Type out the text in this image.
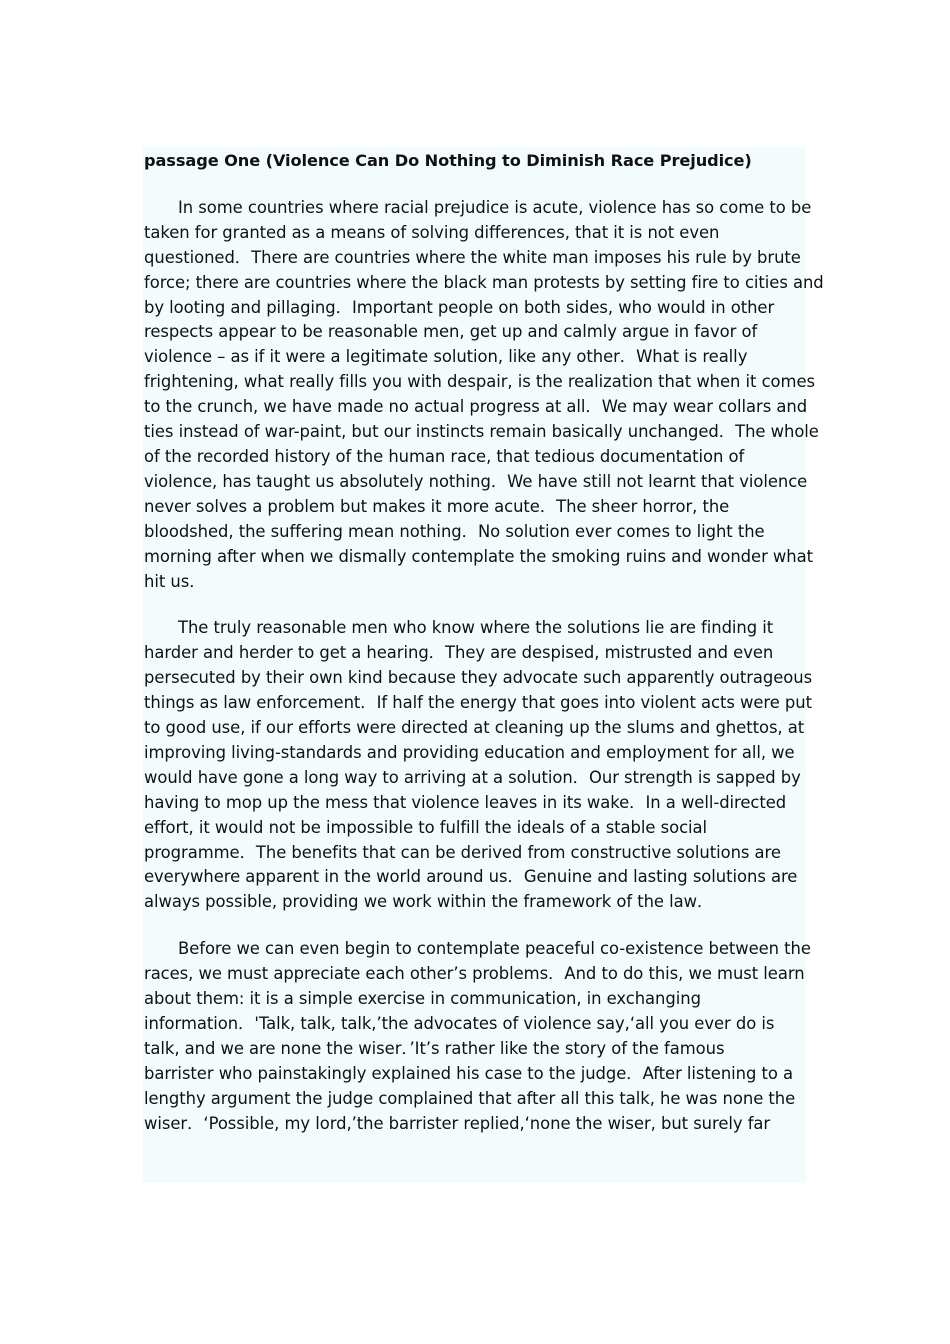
passage One (Violence Can Do Nothing to Diminish Race Prejudice)
In some countries where racial prejudice is acute, violence has so come to be
taken for granted as a means of solving differences, that it is not even
questioned．There are countries where the white man imposes his rule by brute
force; there are countries where the black man protests by setting fire to cities and
by looting and pillaging．Important people on both sides, who would in other
respects appear to be reasonable men, get up and calmly argue in favor of
violence – as if it were a legitimate solution, like any other．What is really
frightening, what really fills you with despair, is the realization that when it comes
to the crunch, we have made no actual progress at all．We may wear collars and
ties instead of war-paint, but our instincts remain basically unchanged．The whole
of the recorded history of the human race, that tedious documentation of
violence, has taught us absolutely nothing．We have still not learnt that violence
never solves a problem but makes it more acute．The sheer horror, the
bloodshed, the suffering mean nothing．No solution ever comes to light the
morning after when we dismally contemplate the smoking ruins and wonder what
hit us．
The truly reasonable men who know where the solutions lie are finding it
harder and herder to get a hearing．They are despised, mistrusted and even
persecuted by their own kind because they advocate such apparently outrageous
things as law enforcement．If half the energy that goes into violent acts were put
to good use, if our efforts were directed at cleaning up the slums and ghettos, at
improving living-standards and providing education and employment for all, we
would have gone a long way to arriving at a solution．Our strength is sapped by
having to mop up the mess that violence leaves in its wake．In a well-directed
effort, it would not be impossible to fulfill the ideals of a stable social
programme．The benefits that can be derived from constructive solutions are
everywhere apparent in the world around us．Genuine and lasting solutions are
always possible, providing we work within the framework of the law．
Before we can even begin to contemplate peaceful co-existence between the
races, we must appreciate each other’s problems．And to do this, we must learn
about them: it is a simple exercise in communication, in exchanging
information．'Talk, talk, talk,’the advocates of violence say,‘all you ever do is
talk, and we are none the wiser．’It’s rather like the story of the famous
barrister who painstakingly explained his case to the judge．After listening to a
lengthy argument the judge complained that after all this talk, he was none the
wiser．‘Possible, my lord,’the barrister replied,‘none the wiser, but surely far
